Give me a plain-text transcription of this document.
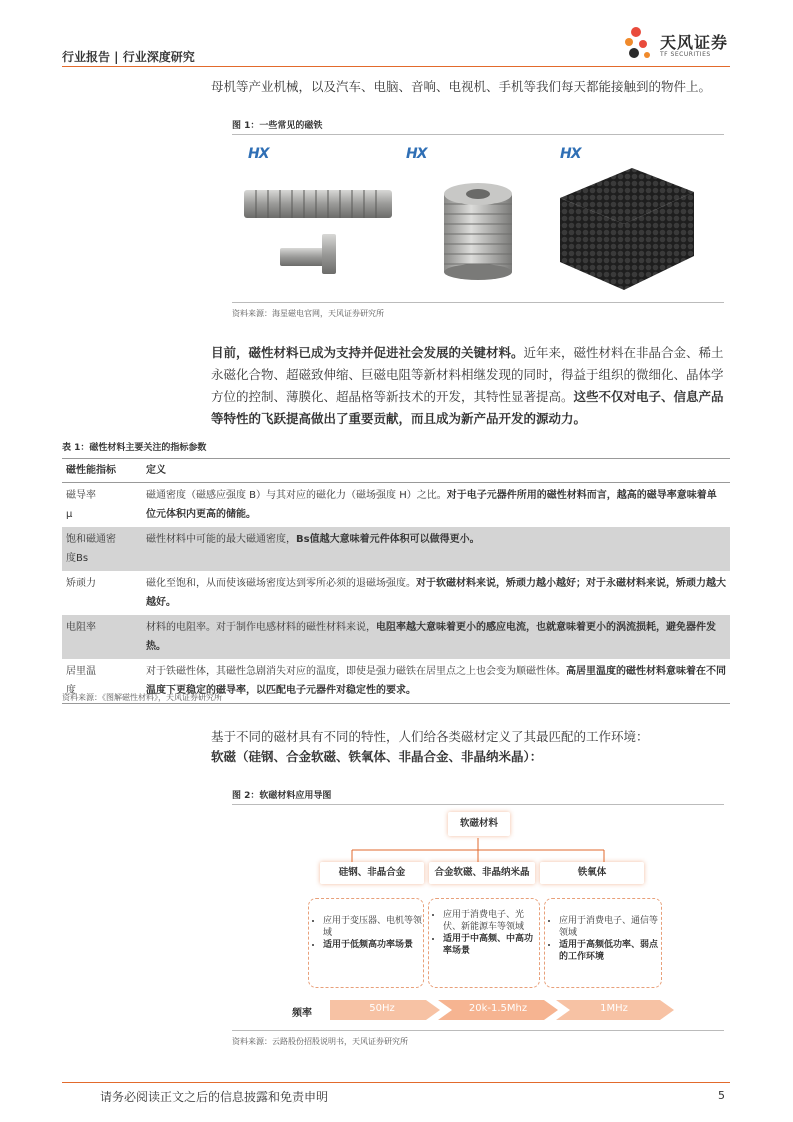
行业报告 | 行业深度研究
天风证券
TF SECURITIES
母机等产业机械，以及汽车、电脑、音响、电视机、手机等我们每天都能接触到的物件上。
图 1：一些常见的磁铁
HX	HX	HX
资料来源：海星磁电官网，天风证券研究所
目前，磁性材料已成为支持并促进社会发展的关键材料。近年来，磁性材料在非晶合金、稀土永磁化合物、超磁致伸缩、巨磁电阻等新材料相继发现的同时，得益于组织的微细化、晶体学方位的控制、薄膜化、超晶格等新技术的开发，其特性显著提高。这些不仅对电子、信息产品等特性的飞跃提高做出了重要贡献，而且成为新产品开发的源动力。
表 1：磁性材料主要关注的指标参数
磁性能指标	定义
磁导率
μ	磁通密度（磁感应强度 B）与其对应的磁化力（磁场强度 H）之比。对于电子元器件所用的磁性材料而言，越高的磁导率意味着单位元体积内更高的储能。
饱和磁通密
度Bs	磁性材料中可能的最大磁通密度，Bs值越大意味着元件体积可以做得更小。
矫顽力	磁化至饱和，从而使该磁场密度达到零所必须的退磁场强度。对于软磁材料来说，矫顽力越小越好；对于永磁材料来说，矫顽力越大越好。
电阻率	材料的电阻率。对于制作电感材料的磁性材料来说，电阻率越大意味着更小的感应电流，也就意味着更小的涡流损耗，避免器件发热。
居里温
度	对于铁磁性体，其磁性急剧消失对应的温度，即使是强力磁铁在居里点之上也会变为顺磁性体。高居里温度的磁性材料意味着在不同温度下更稳定的磁导率，以匹配电子元器件对稳定性的要求。
资料来源：《图解磁性材料》，天风证券研究所
基于不同的磁材具有不同的特性，人们给各类磁材定义了其最匹配的工作环境：
软磁（硅钢、合金软磁、铁氧体、非晶合金、非晶纳米晶）：
图 2：软磁材料应用导图
软磁材料
硅钢、非晶合金	合金软磁、非晶纳米晶	铁氧体
• 应用于变压器、电机等领域
• 适用于低频高功率场景
• 应用于消费电子、光伏、新能源车等领域
• 适用于中高频、中高功率场景
• 应用于消费电子、通信等领域
• 适用于高频低功率、弱点的工作环境
频率	50Hz	20k-1.5Mhz	1MHz
资料来源：云路股份招股说明书，天风证券研究所
请务必阅读正文之后的信息披露和免责申明	5
